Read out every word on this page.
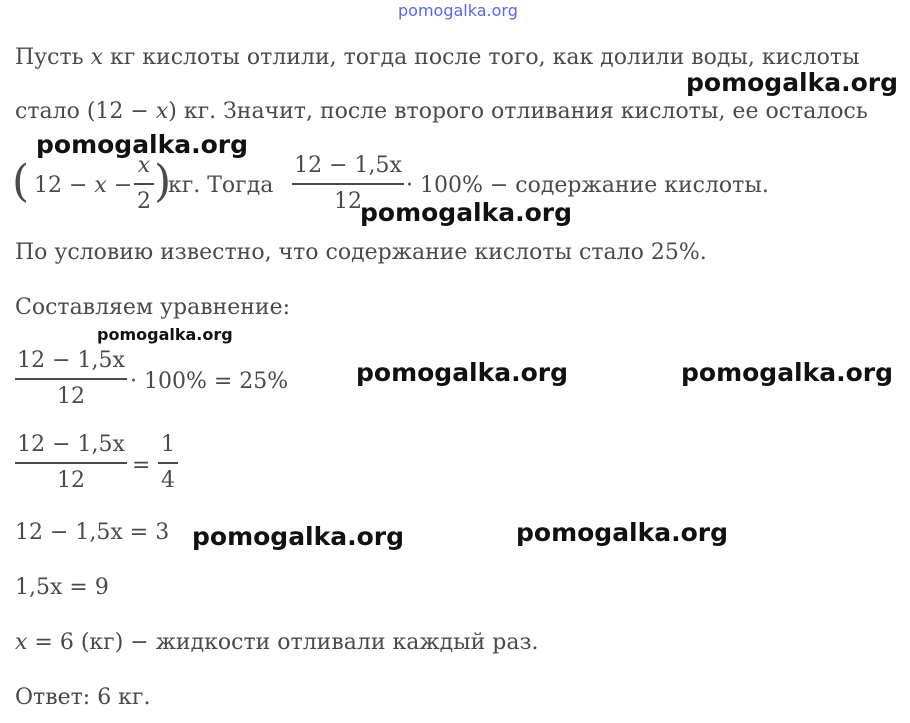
pomogalka.org
pomogalka.org
pomogalka.org
pomogalka.org
pomogalka.org
pomogalka.org	pomogalka.org
pomogalka.org	pomogalka.org
Пусть x кг кислоты отлили, тогда после того, как долили воды, кислоты
стало (12 − x) кг. Значит, после второго отливания кислоты, ее осталось
( 12 − x −
x
2 )
кг. Тогда
12 − 1,5x
12
· 100% − содержание кислоты.
По условию известно, что содержание кислоты стало 25%.
Составляем уравнение:
12 − 1,5x
12
· 100% = 25%
12 − 1,5x
12
=
1
4
12 − 1,5x = 3
1,5x = 9
x = 6 (кг) − жидкости отливали каждый раз.
Ответ: 6 кг.
